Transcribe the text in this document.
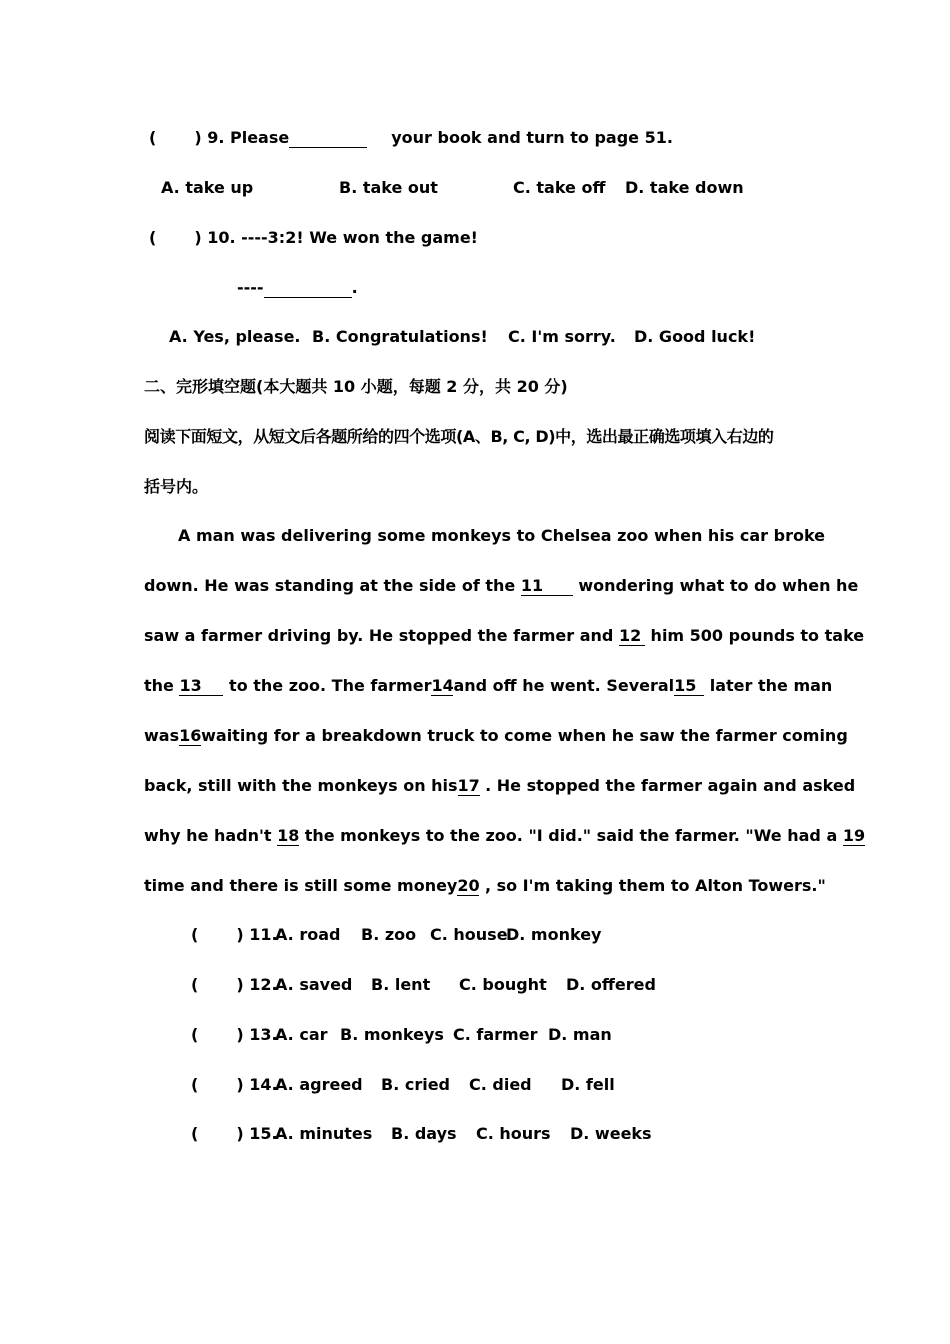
( ) 9. Please	your book and turn to page 51.
A. take up	B. take out	C. take off D. take down
( ) 10. ----3:2! We won the game!
----	.
A. Yes, please. B. Congratulations! C. I'm sorry. D. Good luck!
二、完形填空题(本大题共 10 小题，每题 2 分，共 20 分)
阅读下面短文，从短文后各题所给的四个选项(A、B, C, D)中，选出最正确选项填入右边的
括号内。
A man was delivering some monkeys to Chelsea zoo when his car broke
down. He was standing at the side of the 11 wondering what to do when he
saw a farmer driving by. He stopped the farmer and 12 him 500 pounds to take
the 13 to the zoo. The farmer14and off he went. Several15 later the man
was16waiting for a breakdown truck to come when he saw the farmer coming
back, still with the monkeys on his17 . He stopped the farmer again and asked
why he hadn't 18 the monkeys to the zoo. "I did." said the farmer. "We had a 19
time and there is still some money20 , so I'm taking them to Alton Towers."
( ) 11.
A. road B. zoo C. house
D. monkey
( ) 12.
A. saved B. lent C. bought D. offered
( ) 13.
A. car B. monkeys C. farmer D. man
( ) 14.
A. agreed B. cried C. died D. fell
( ) 15.
A. minutes B. days C. hours D. weeks
